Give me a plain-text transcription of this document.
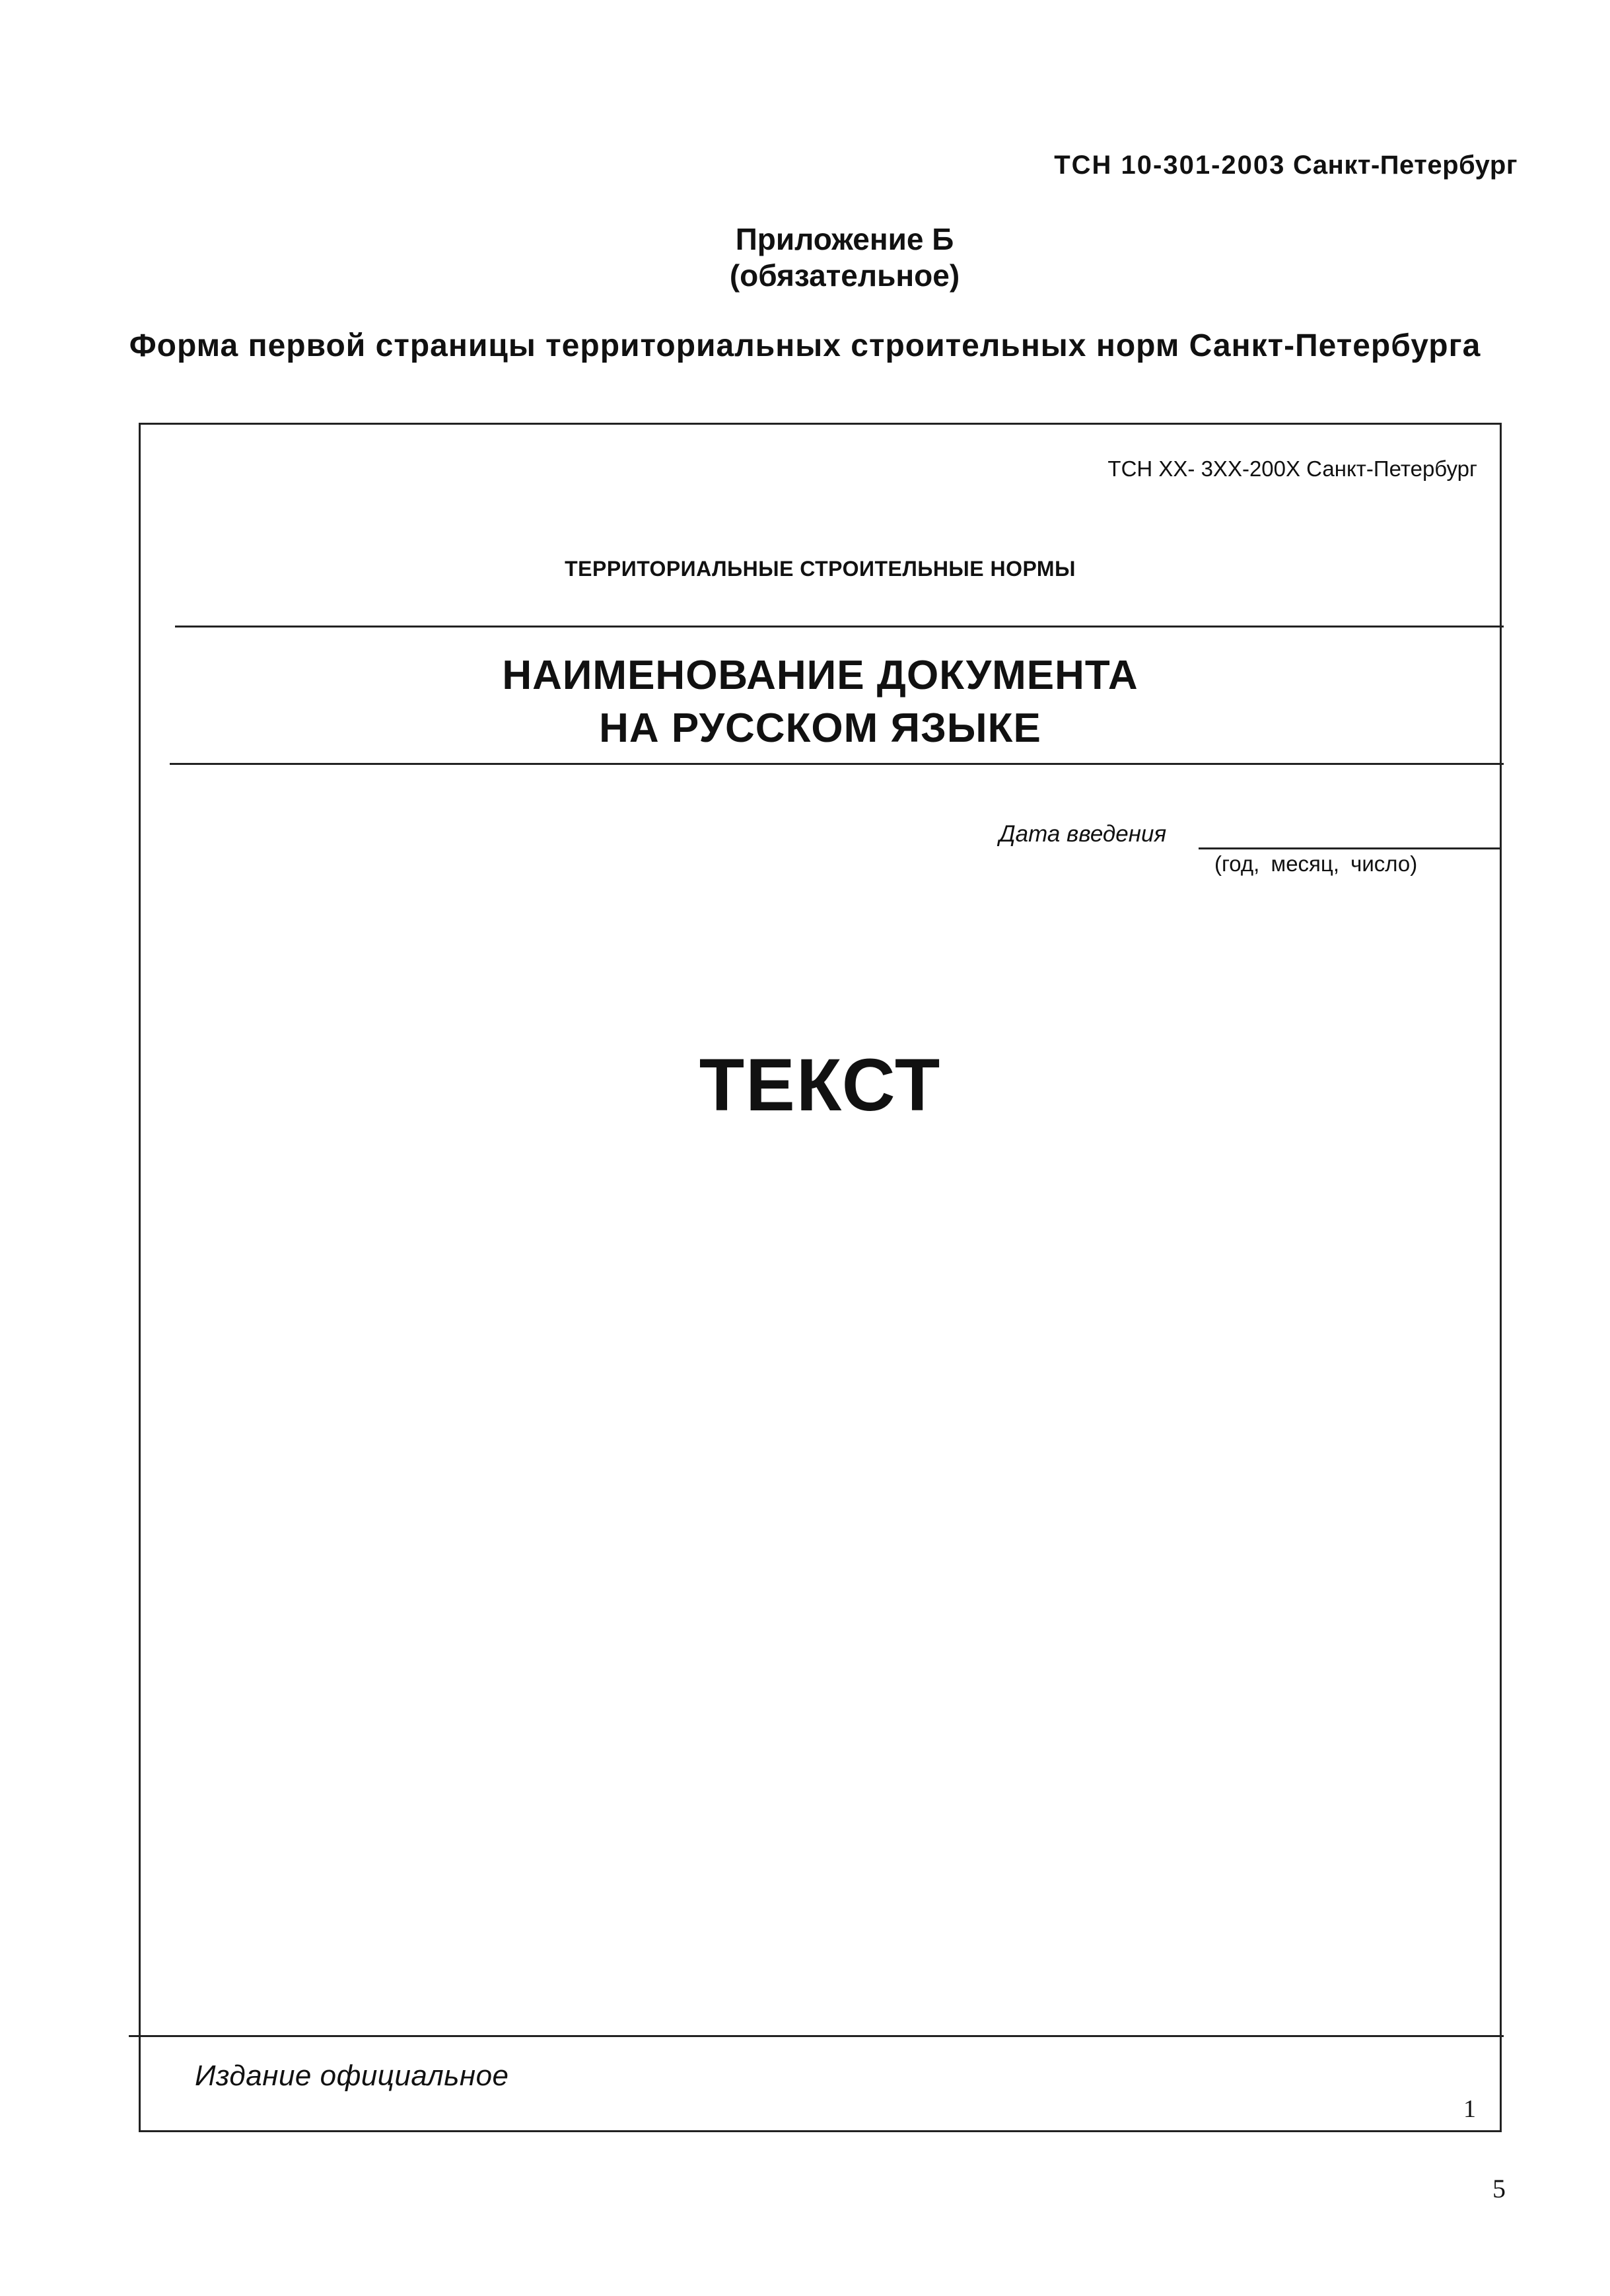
ТСН 10-301-2003 Санкт-Петербург
Приложение Б
(обязательное)
Форма первой страницы территориальных строительных норм Санкт-Петербурга
ТСН ХХ- 3ХХ-200Х Санкт-Петербург
ТЕРРИТОРИАЛЬНЫЕ СТРОИТЕЛЬНЫЕ НОРМЫ
НАИМЕНОВАНИЕ ДОКУМЕНТА
НА РУССКОМ ЯЗЫКЕ
Дата введения
(год, месяц, число)
ТЕКСТ
Издание официальное
1
5
